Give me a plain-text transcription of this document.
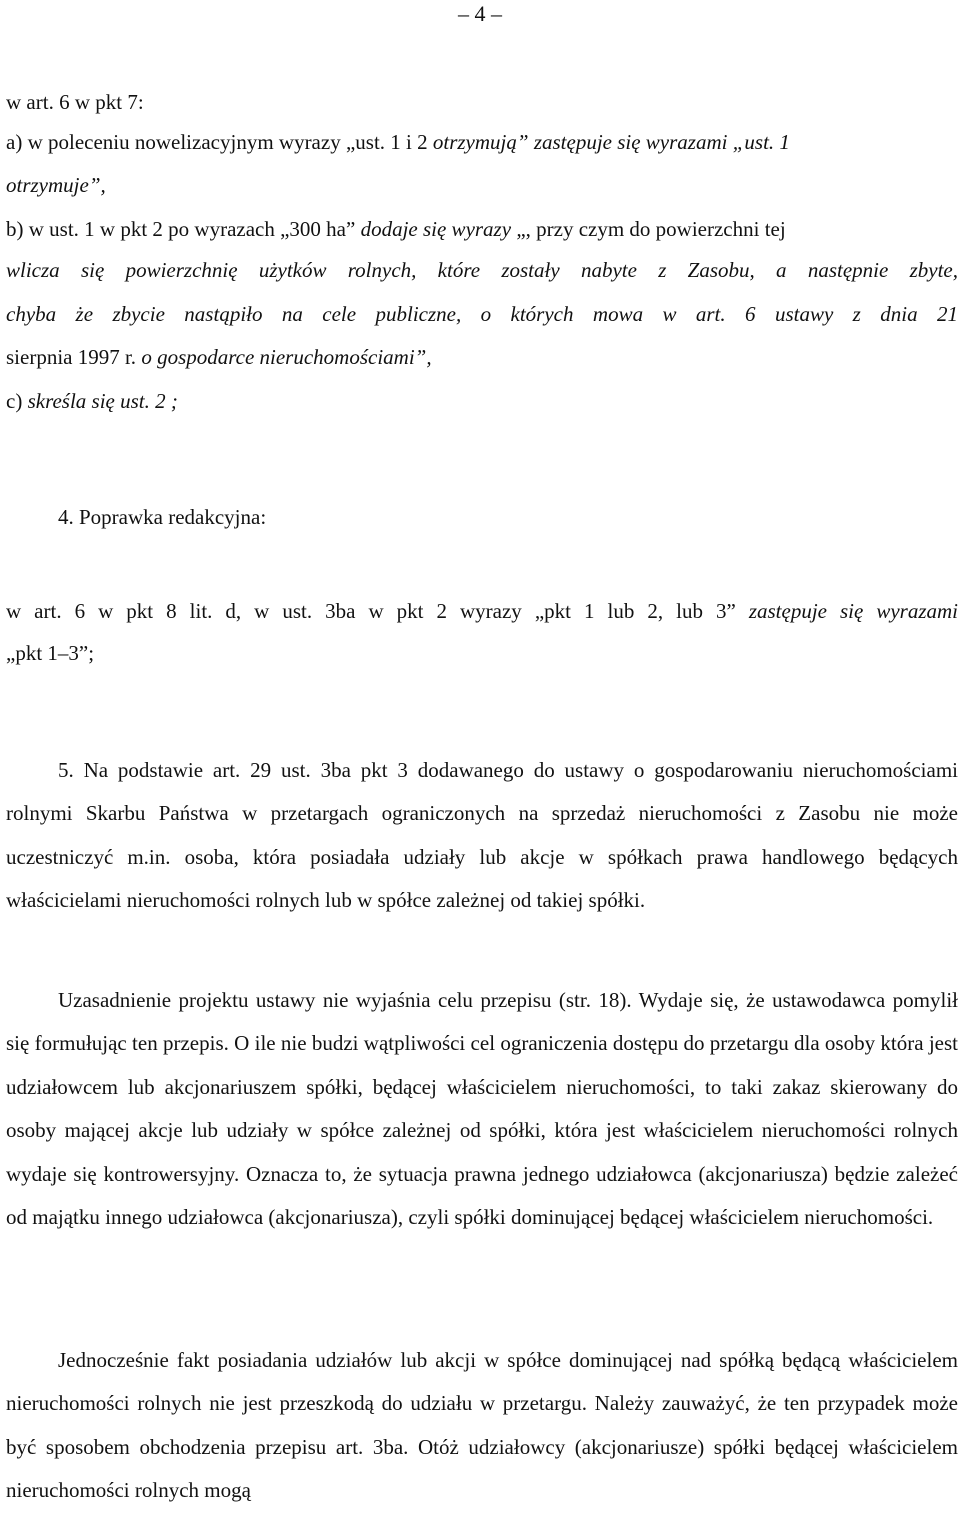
– 4 –
w art. 6 w pkt 7:
a) w poleceniu nowelizacyjnym wyrazy „ust. 1 i 2 otrzymują” zastępuje się wyrazami „ust. 1
otrzymuje”,
b) w ust. 1 w pkt 2 po wyrazach „300 ha” dodaje się wyrazy „, przy czym do powierzchni tej
wlicza się powierzchnię użytków rolnych, które zostały nabyte z Zasobu, a następnie zbyte,
chyba że zbycie nastąpiło na cele publiczne, o których mowa w art. 6 ustawy z dnia 21
sierpnia 1997 r. o gospodarce nieruchomościami”,
c) skreśla się ust. 2 ;
4. Poprawka redakcyjna:
w art. 6 w pkt 8 lit. d, w ust. 3ba w pkt 2 wyrazy „pkt 1 lub 2, lub 3” zastępuje się wyrazami
„pkt 1–3”;

5. Na podstawie art. 29 ust. 3ba pkt 3 dodawanego do ustawy o gospodarowaniu nieruchomościami rolnymi Skarbu Państwa w przetargach ograniczonych na sprzedaż nieruchomości z Zasobu nie może uczestniczyć m.in. osoba, która posiadała udziały lub akcje w spółkach prawa handlowego będących właścicielami nieruchomości rolnych lub w spółce zależnej od takiej spółki.

Uzasadnienie projektu ustawy nie wyjaśnia celu przepisu (str. 18). Wydaje się, że ustawodawca pomylił się formułując ten przepis. O ile nie budzi wątpliwości cel ograniczenia dostępu do przetargu dla osoby która jest udziałowcem lub akcjonariuszem spółki, będącej właścicielem nieruchomości, to taki zakaz skierowany do osoby mającej akcje lub udziały w spółce zależnej od spółki, która jest właścicielem nieruchomości rolnych wydaje się kontrowersyjny. Oznacza to, że sytuacja prawna jednego udziałowca (akcjonariusza) będzie zależeć od majątku innego udziałowca (akcjonariusza), czyli spółki dominującej będącej właścicielem nieruchomości.

Jednocześnie fakt posiadania udziałów lub akcji w spółce dominującej nad spółką będącą właścicielem nieruchomości rolnych nie jest przeszkodą do udziału w przetargu. Należy zauważyć, że ten przypadek może być sposobem obchodzenia przepisu art. 3ba. Otóż udziałowcy (akcjonariusze) spółki będącej właścicielem nieruchomości rolnych mogą
